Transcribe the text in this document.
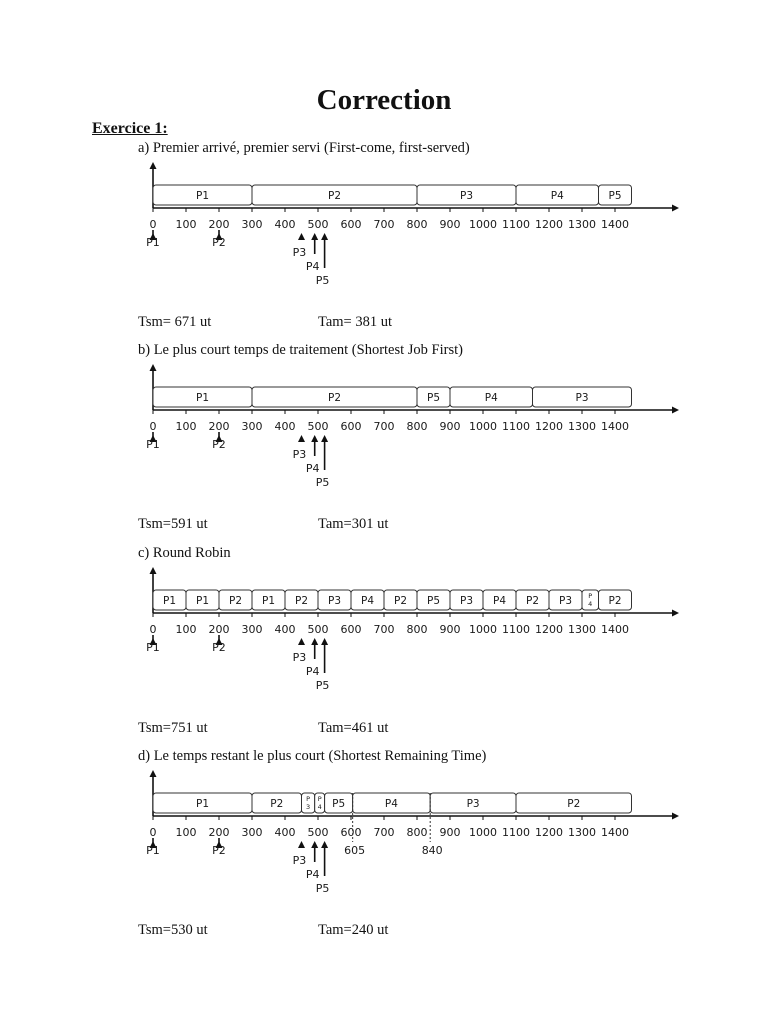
Correction
Exercice 1:
a) Premier arrivé, premier servi (First-come, first-served)
P1	P2	P3	P4	P5
0 100 200 300 400 500 600 700 800 900 1000 1100 1200 1300 1400
P1	P2
P3
P4
P5
Tsm= 671 ut	Tam= 381 ut
b) Le plus court temps de traitement (Shortest Job First)
P1	P2	P5	P4	P3
0 100 200 300 400 500 600 700 800 900 1000 1100 1200 1300 1400
P1	P2
P3
P4
P5
Tsm=591 ut	Tam=301 ut
c) Round Robin
P1 P1 P2 P1 P2 P3 P4 P2 P5 P3 P4 P2 P3	P
4 P2
0 100 200 300 400 500 600 700 800 900 1000 1100 1200 1300 1400
P1	P2
P3
P4
P5
Tsm=751 ut	Tam=461 ut
d) Le temps restant le plus court (Shortest Remaining Time)
P1	P2	P
3
P
4 P5	P4	P3	P2
0 100 200 300 400 500 600 700 800 900 1000 1100 1200 1300 1400
605	840
P1	P2
P3
P4
P5
Tsm=530 ut	Tam=240 ut
